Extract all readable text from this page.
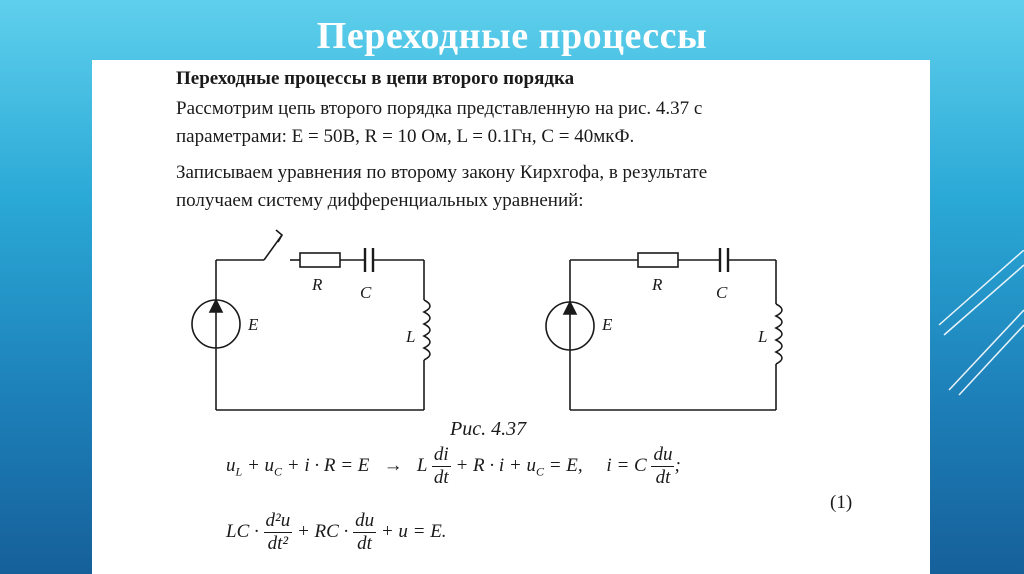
Переходные процессы
Переходные процессы в цепи второго порядка
Рассмотрим цепь второго порядка представленную на рис. 4.37 с
параметрами: E = 50В, R = 10 Ом, L = 0.1Гн, C = 40мкФ.
Записываем уравнения по второму закону Кирхгофа, в результате
получаем систему дифференциальных уравнений:
R C
L
E
R	C
L
E
Рис. 4.37
$u_L + u_C + i \cdot R = E \to L \frac{di}{dt} + R \cdot i + u_C = E$, i = C $\frac{du}{dt}$ ;
(1)
LC · $\frac{\text{d²u}}{\text{dt²}}$ + RC · $\frac{du}{dt} + u = E$.
